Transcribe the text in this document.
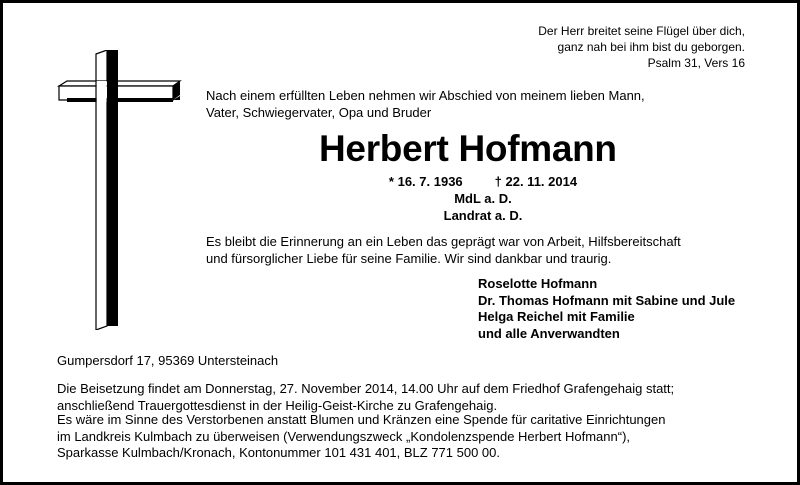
Der Herr breitet seine Flügel über dich,
ganz nah bei ihm bist du geborgen.
Psalm 31, Vers 16
Nach einem erfüllten Leben nehmen wir Abschied von meinem lieben Mann,
Vater, Schwiegervater, Opa und Bruder
Herbert Hofmann
* 16. 7. 1936 † 22. 11. 2014
MdL a. D.
Landrat a. D.
Es bleibt die Erinnerung an ein Leben das geprägt war von Arbeit, Hilfsbereitschaft
und fürsorglicher Liebe für seine Familie. Wir sind dankbar und traurig.
Roselotte Hofmann
Dr. Thomas Hofmann mit Sabine und Jule
Helga Reichel mit Familie
und alle Anverwandten
Gumpersdorf 17, 95369 Untersteinach
Die Beisetzung findet am Donnerstag, 27. November 2014, 14.00 Uhr auf dem Friedhof Grafengehaig statt;
anschließend Trauergottesdienst in der Heilig-Geist-Kirche zu Grafengehaig.
Es wäre im Sinne des Verstorbenen anstatt Blumen und Kränzen eine Spende für caritative Einrichtungen
im Landkreis Kulmbach zu überweisen (Verwendungszweck „Kondolenzspende Herbert Hofmann“),
Sparkasse Kulmbach/Kronach, Kontonummer 101 431 401, BLZ 771 500 00.
